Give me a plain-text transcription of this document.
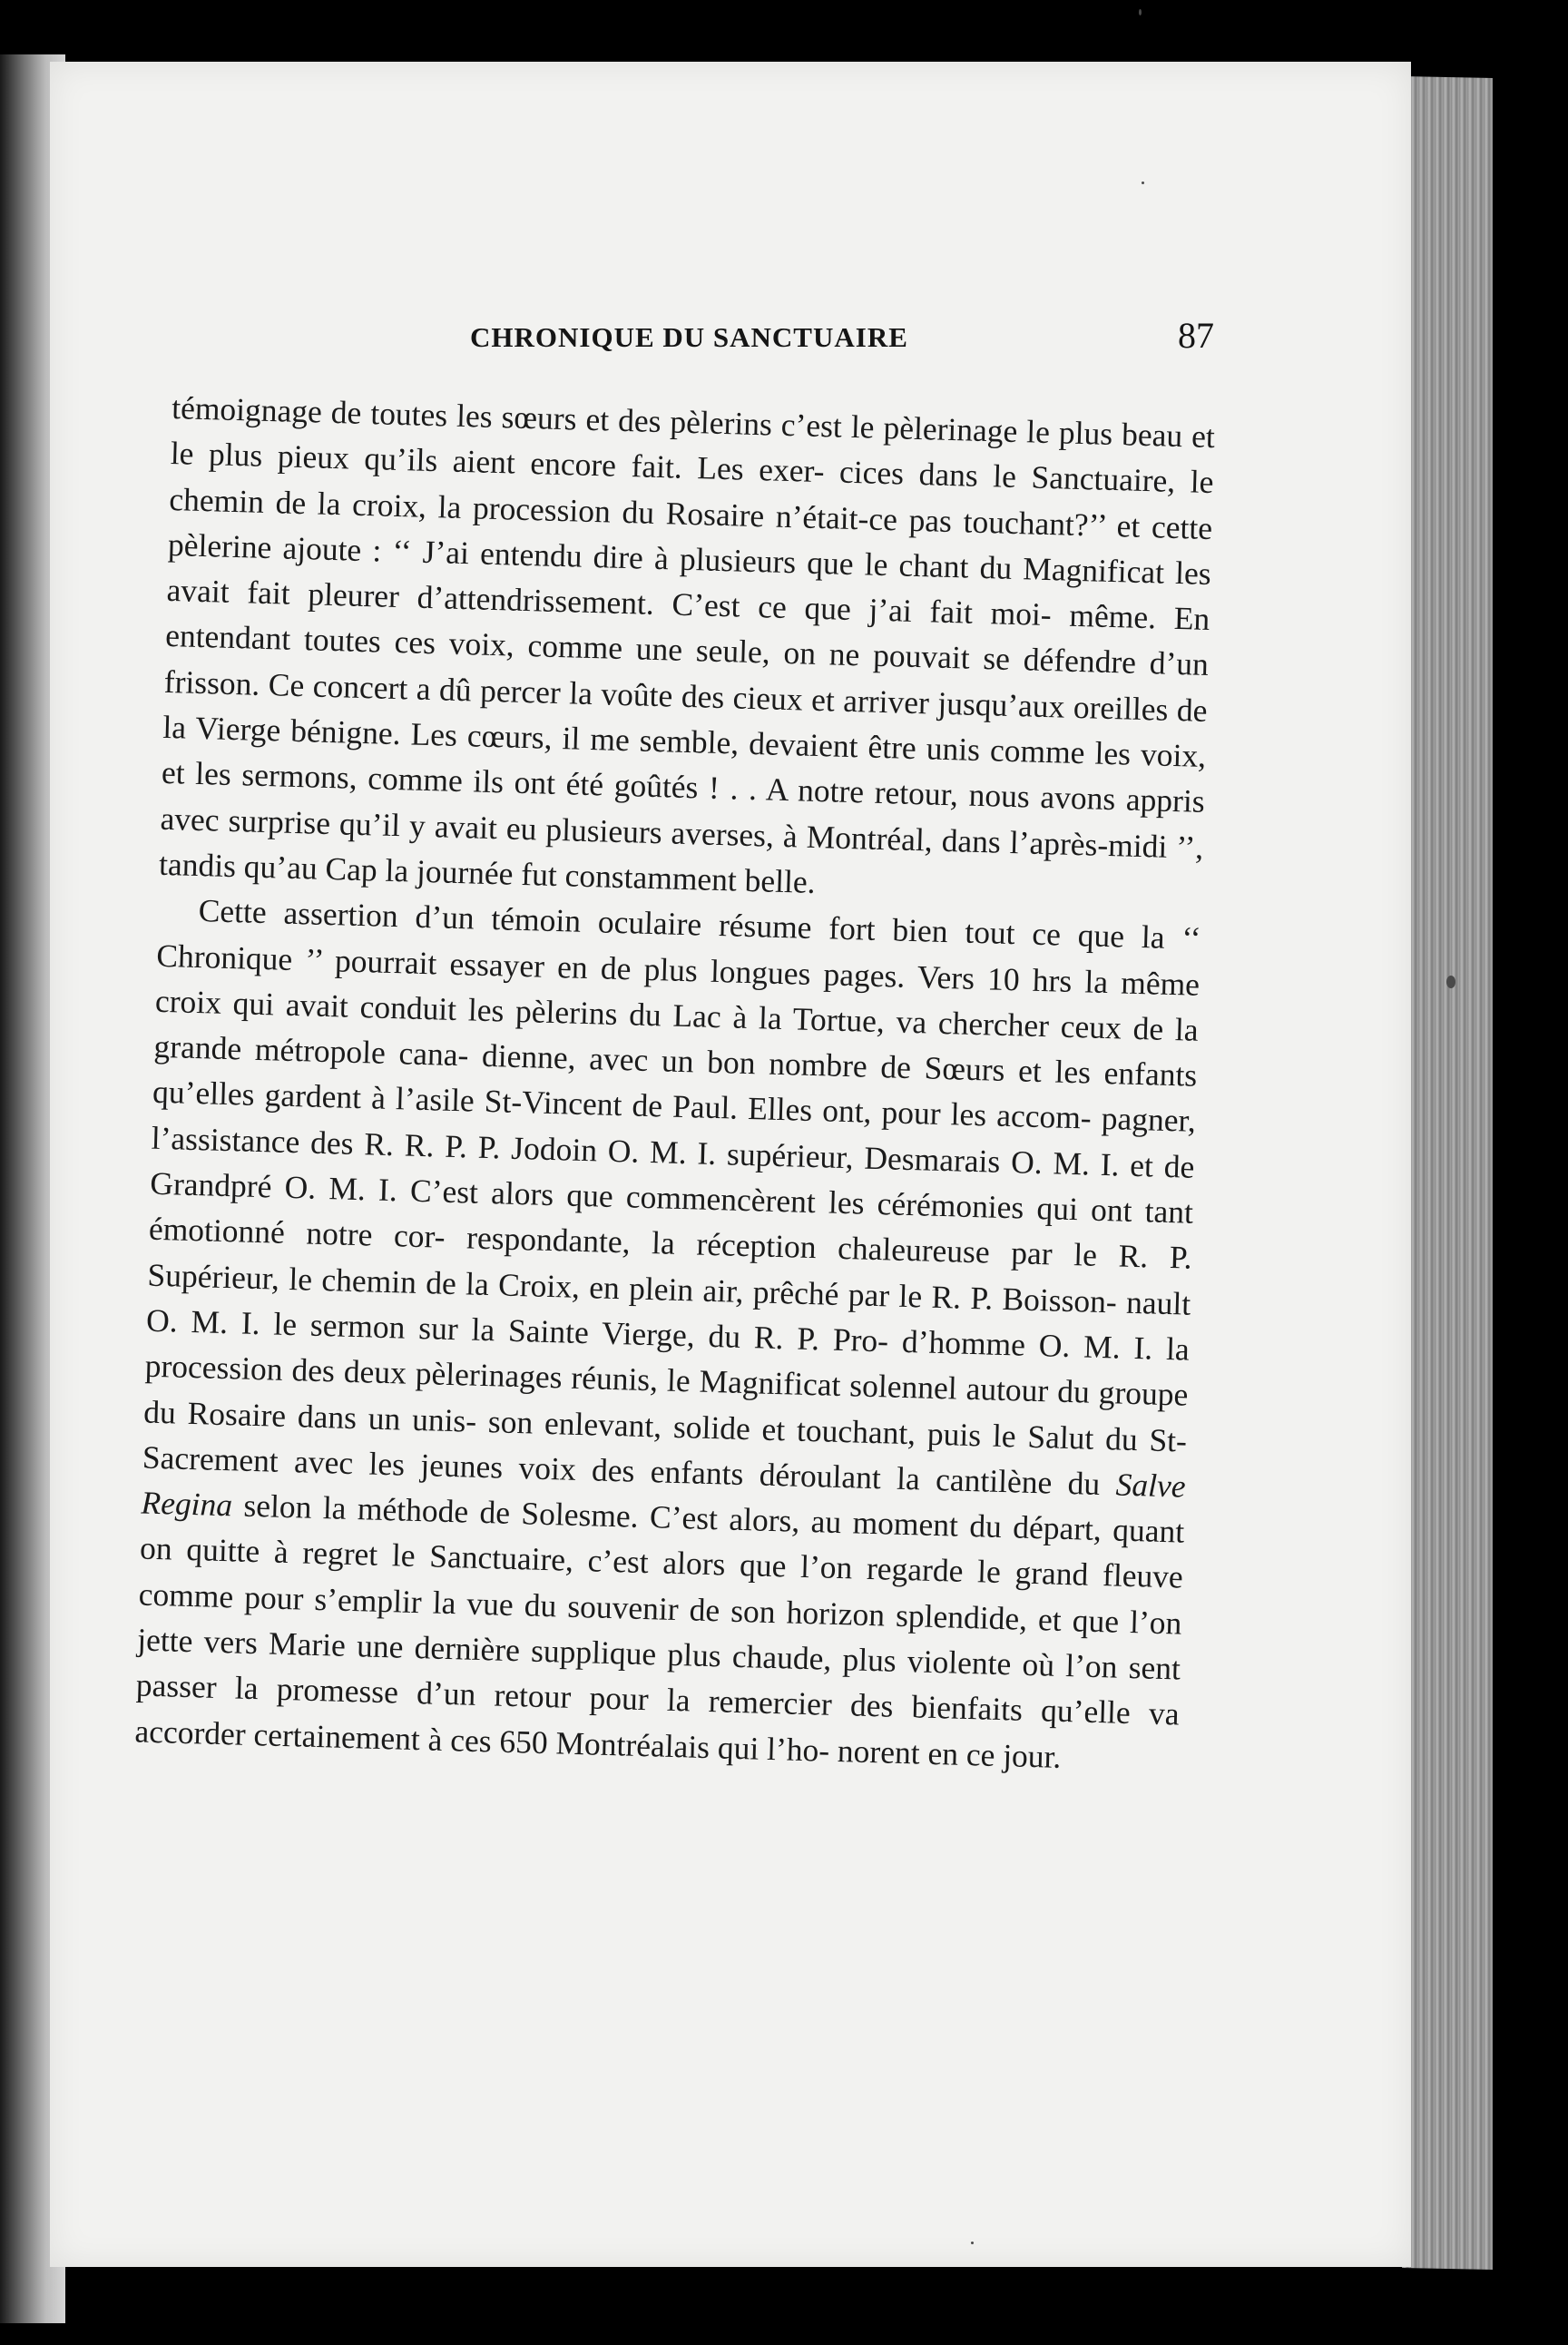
CHRONIQUE DU SANCTUAIRE	87

témoignage de toutes les sœurs et des pèlerins c’est le pèlerinage le plus beau et le plus pieux qu’ils aient encore fait. Les exer- cices dans le Sanctuaire, le chemin de la croix, la procession du Rosaire n’était-ce pas touchant?’’ et cette pèlerine ajoute : ‘‘ J’ai entendu dire à plusieurs que le chant du Magnificat les avait fait pleurer d’attendrissement. C’est ce que j’ai fait moi- même. En entendant toutes ces voix, comme une seule, on ne pouvait se défendre d’un frisson. Ce concert a dû percer la voûte des cieux et arriver jusqu’aux oreilles de la Vierge bénigne. Les cœurs, il me semble, devaient être unis comme les voix, et les sermons, comme ils ont été goûtés ! . . A notre retour, nous avons appris avec surprise qu’il y avait eu plusieurs averses, à Montréal, dans l’après-midi ’’, tandis qu’au Cap la journée fut constamment belle.

Cette assertion d’un témoin oculaire résume fort bien tout ce que la ‘‘ Chronique ’’ pourrait essayer en de plus longues pages. Vers 10 hrs la même croix qui avait conduit les pèlerins du Lac à la Tortue, va chercher ceux de la grande métropole cana- dienne, avec un bon nombre de Sœurs et les enfants qu’elles gardent à l’asile St-Vincent de Paul. Elles ont, pour les accom- pagner, l’assistance des R. R. P. P. Jodoin O. M. I. supérieur, Desmarais O. M. I. et de Grandpré O. M. I. C’est alors que commencèrent les cérémonies qui ont tant émotionné notre cor- respondante, la réception chaleureuse par le R. P. Supérieur, le chemin de la Croix, en plein air, prêché par le R. P. Boisson- nault O. M. I. le sermon sur la Sainte Vierge, du R. P. Pro- d’homme O. M. I. la procession des deux pèlerinages réunis, le Magnificat solennel autour du groupe du Rosaire dans un unis- son enlevant, solide et touchant, puis le Salut du St-Sacrement avec les jeunes voix des enfants déroulant la cantilène du Salve Regina selon la méthode de Solesme. C’est alors, au moment du départ, quant on quitte à regret le Sanctuaire, c’est alors que l’on regarde le grand fleuve comme pour s’emplir la vue du souvenir de son horizon splendide, et que l’on jette vers Marie une dernière supplique plus chaude, plus violente où l’on sent passer la promesse d’un retour pour la remercier des bienfaits qu’elle va accorder certainement à ces 650 Montréalais qui l’ho- norent en ce jour.
